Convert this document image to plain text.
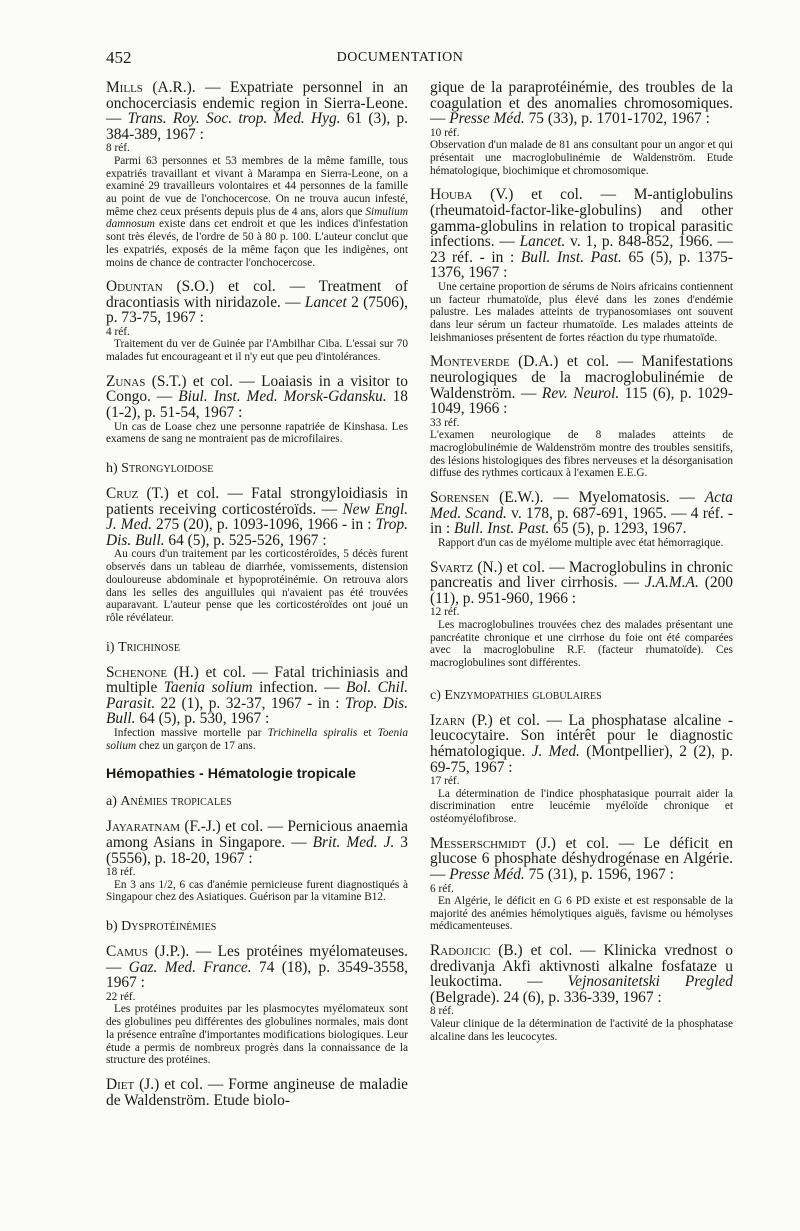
452	DOCUMENTATION
Mills (A.R.). — Expatriate personnel in an onchocerciasis endemic region in Sierra-Leone. — Trans. Roy. Soc. trop. Med. Hyg. 61 (3), p. 384-389, 1967 :

8 réf.

Parmi 63 personnes et 53 membres de la même famille, tous expatriés travaillant et vivant à Marampa en Sierra-Leone, on a examiné 29 travailleurs volontaires et 44 personnes de la famille au point de vue de l'onchocercose. On ne trouva aucun infesté, même chez ceux présents depuis plus de 4 ans, alors que Simulium damnosum existe dans cet endroit et que les indices d'infestation sont très élevés, de l'ordre de 50 à 80 p. 100. L'auteur conclut que les expatriés, exposés de la même façon que les indigènes, ont moins de chance de contracter l'onchocercose.

Oduntan (S.O.) et col. — Treatment of dracontiasis with niridazole. — Lancet 2 (7506), p. 73-75, 1967 :

4 réf.

Traitement du ver de Guinée par l'Ambilhar Ciba. L'essai sur 70 malades fut encourageant et il n'y eut que peu d'intolérances.

Zunas (S.T.) et col. — Loaiasis in a visitor to Congo. — Biul. Inst. Med. Morsk-Gdansku. 18 (1-2), p. 51-54, 1967 :

Un cas de Loase chez une personne rapatriée de Kinshasa. Les examens de sang ne montraient pas de microfilaires.

h) Strongyloidose
Cruz (T.) et col. — Fatal strongyloidiasis in patients receiving corticostéroïds. — New Engl. J. Med. 275 (20), p. 1093-1096, 1966 - in : Trop. Dis. Bull. 64 (5), p. 525-526, 1967 :

Au cours d'un traitement par les corticostéroïdes, 5 décès furent observés dans un tableau de diarrhée, vomissements, distension douloureuse abdominale et hypoprotéinémie. On retrouva alors dans les selles des anguillules qui n'avaient pas été trouvées auparavant. L'auteur pense que les corticostéroïdes ont joué un rôle révélateur.

i) Trichinose
Schenone (H.) et col. — Fatal trichiniasis and multiple Taenia solium infection. — Bol. Chil. Parasit. 22 (1), p. 32-37, 1967 - in : Trop. Dis. Bull. 64 (5), p. 530, 1967 :

Infection massive mortelle par Trichinella spiralis et Toenia solium chez un garçon de 17 ans.

Hémopathies - Hématologie tropicale
a) Anémies tropicales
Jayaratnam (F.-J.) et col. — Pernicious anaemia among Asians in Singapore. — Brit. Med. J. 3 (5556), p. 18-20, 1967 :

18 réf.

En 3 ans 1/2, 6 cas d'anémie pernicieuse furent diagnostiqués à Singapour chez des Asiatiques. Guérison par la vitamine B12.

b) Dysprotéinémies
Camus (J.P.). — Les protéines myélomateuses. — Gaz. Med. France. 74 (18), p. 3549-3558, 1967 :

22 réf.

Les protéines produites par les plasmocytes myélomateux sont des globulines peu différentes des globulines normales, mais dont la présence entraîne d'importantes modifications biologiques. Leur étude a permis de nombreux progrès dans la connaissance de la structure des protéines.

Diet (J.) et col. — Forme angineuse de maladie de Waldenström. Etude biolo-
gique de la paraprotéinémie, des troubles de la coagulation et des anomalies chromosomiques. — Presse Méd. 75 (33), p. 1701-1702, 1967 :

10 réf.

Observation d'un malade de 81 ans consultant pour un angor et qui présentait une macroglobulinémie de Waldenström. Etude hématologique, biochimique et chromosomique.

Houba (V.) et col. — M-antiglobulins (rheumatoid-factor-like-globulins) and other gamma-globulins in relation to tropical parasitic infections. — Lancet. v. 1, p. 848-852, 1966. — 23 réf. - in : Bull. Inst. Past. 65 (5), p. 1375-1376, 1967 :

Une certaine proportion de sérums de Noirs africains contiennent un facteur rhumatoïde, plus élevé dans les zones d'endémie palustre. Les malades atteints de trypanosomiases ont souvent dans leur sérum un facteur rhumatoïde. Les malades atteints de leishmanioses présentent de fortes réaction du type rhumatoïde.

Monteverde (D.A.) et col. — Manifestations neurologiques de la macroglobulinémie de Waldenström. — Rev. Neurol. 115 (6), p. 1029-1049, 1966 :

33 réf.

L'examen neurologique de 8 malades atteints de macroglobulinémie de Waldenström montre des troubles sensitifs, des lésions histologiques des fibres nerveuses et la désorganisation diffuse des rythmes corticaux à l'examen E.E.G.

Sorensen (E.W.). — Myelomatosis. — Acta Med. Scand. v. 178, p. 687-691, 1965. — 4 réf. - in : Bull. Inst. Past. 65 (5), p. 1293, 1967.

Rapport d'un cas de myélome multiple avec état hémorragique.

Svartz (N.) et col. — Macroglobulins in chronic pancreatis and liver cirrhosis. — J.A.M.A. (200 (11), p. 951-960, 1966 :

12 réf.

Les macroglobulines trouvées chez des malades présentant une pancréatite chronique et une cirrhose du foie ont été comparées avec la macroglobuline R.F. (facteur rhumatoïde). Ces macroglobulines sont différentes.

c) Enzymopathies globulaires
Izarn (P.) et col. — La phosphatase alcaline - leucocytaire. Son intérêt pour le diagnostic hématologique. J. Med. (Montpellier), 2 (2), p. 69-75, 1967 :

17 réf.

La détermination de l'indice phosphatasique pourrait aider la discrimination entre leucémie myéloïde chronique et ostéomyélofibrose.

Messerschmidt (J.) et col. — Le déficit en glucose 6 phosphate déshydrogénase en Algérie. — Presse Méd. 75 (31), p. 1596, 1967 :

6 réf.

En Algérie, le déficit en G 6 PD existe et est responsable de la majorité des anémies hémolytiques aiguës, favisme ou hémolyses médicamenteuses.

Radojicic (B.) et col. — Klinicka vrednost o dredivanja Akfi aktivnosti alkalne fosfataze u leukoctima. — Vejnosanitetski Pregled (Belgrade). 24 (6), p. 336-339, 1967 :

8 réf.

Valeur clinique de la détermination de l'activité de la phosphatase alcaline dans les leucocytes.
